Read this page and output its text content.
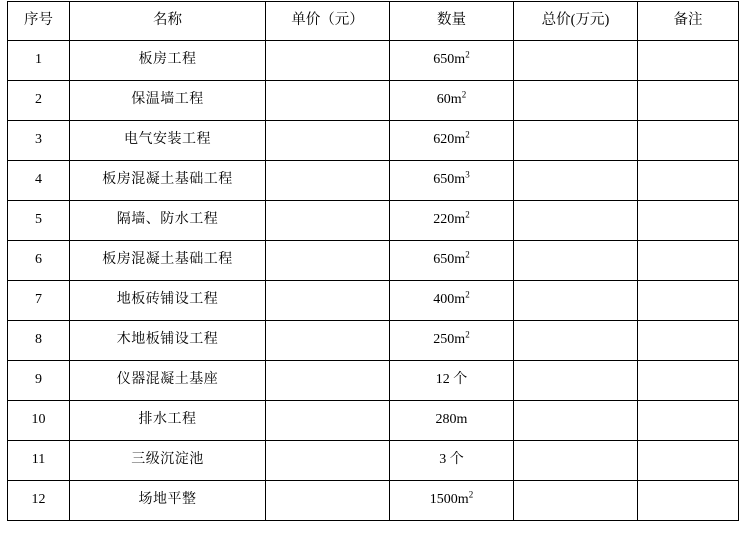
序号	名称	单价（元）	数量	总价(万元)	备注
1	板房工程		$650m^2$		
2	保温墙工程		$60m^2$		
3	电气安装工程		$620m^2$		
4	板房混凝土基础工程		$650m^3$		
5	隔墙、防水工程		$220m^2$		
6	板房混凝土基础工程		$650m^2$		
7	地板砖铺设工程		$400m^2$		
8	木地板铺设工程		$250m^2$		
9	仪器混凝土基座		12 个		
10	排水工程		280m		
11	三级沉淀池		3 个		
12	场地平整		$1500m^2$		
